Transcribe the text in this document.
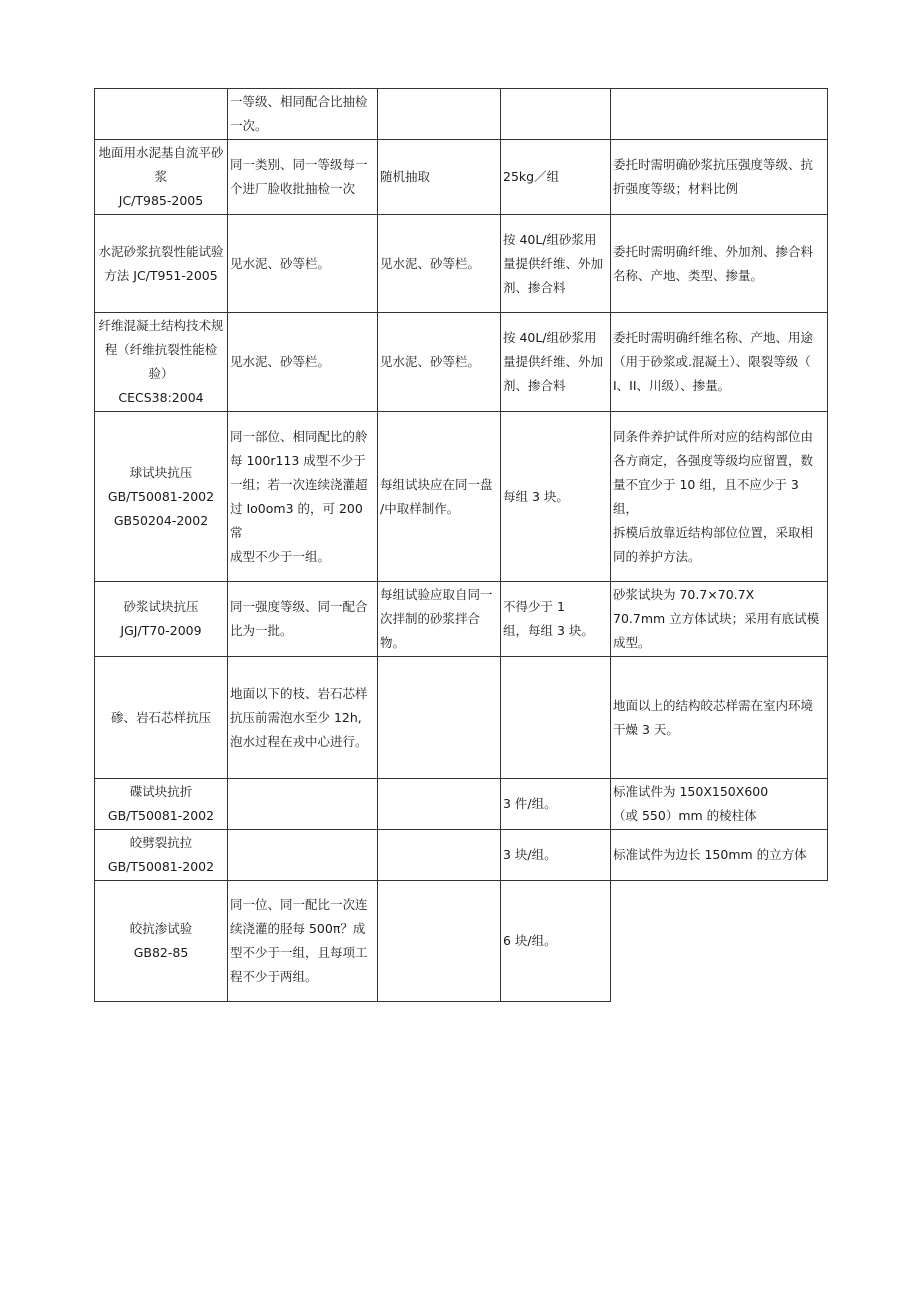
	一等级、相同配合比抽检
一次。			

地面用水泥基自流平砂
浆
JC/T985-2005	同一类别、同一等级每一
个进厂脸收批抽检一次	随机抽取	25kg／组	委托时需明确砂浆抗压强度等级、抗
折强度等级；材料比例

水泥砂浆抗裂性能试验
方法 JC/T951-2005	见水泥、砂等栏。	见水泥、砂等栏。	按 40L/组砂浆用
量提供纤维、外加
剂、掺合料	委托时需明确纤维、外加剂、掺合料
名称、产地、类型、掺量。

纤维混凝土结构技术规
程（纤维抗裂性能检
验）
CECS38:2004	见水泥、砂等栏。	见水泥、砂等栏。	按 40L/组砂浆用
量提供纤维、外加
剂、掺合料	委托时需明确纤维名称、产地、用途
（用于砂浆或.混凝土）、限裂等级（
I、II、川级）、掺量。

球试块抗压
GB/T50081-2002
GB50204-2002	同一部位、相同配比的舲
每 100r113 成型不少于
一组；若一次连续浇灌超
过 Io0om3 的，可 200 常
成型不少于一组。	每组试块应在同一盘
/中取样制作。	每组 3 块。	同条件养护试件所对应的结构部位由
各方商定，各强度等级均应留置，数
量不宜少于 10 组，且不应少于 3 组，
拆模后放靠近结构部位位置，采取相
同的养护方法。

砂浆试块抗压
JGJ/T70-2009	同一强度等级、同一配合
比为一批。	每组试验应取自同一
次拌制的砂浆拌合
物。	不得少于 1
组，每组 3 块。	砂浆试块为 70.7×70.7X
70.7mm 立方体试块；采用有底试模
成型。

碜、岩石芯样抗压	地面以下的枝、岩石芯样
抗压前需泡水至少 12h,
泡水过程在戎中心进行。			地面以上的结构皎芯样需在室内环境
干燥 3 天。

碟试块抗折
GB/T50081-2002			3 件/组。	标准试件为 150X150X600
（或 550）mm 的棱柱体

皎劈裂抗拉
GB/T50081-2002			3 块/组。	标准试件为边长 150mm 的立方体

皎抗渗试验
GB82-85	同一位、同一配比一次连
续浇灌的胫每 500π？成
型不少于一组，且每项工
程不少于两组。		6 块/组。	
